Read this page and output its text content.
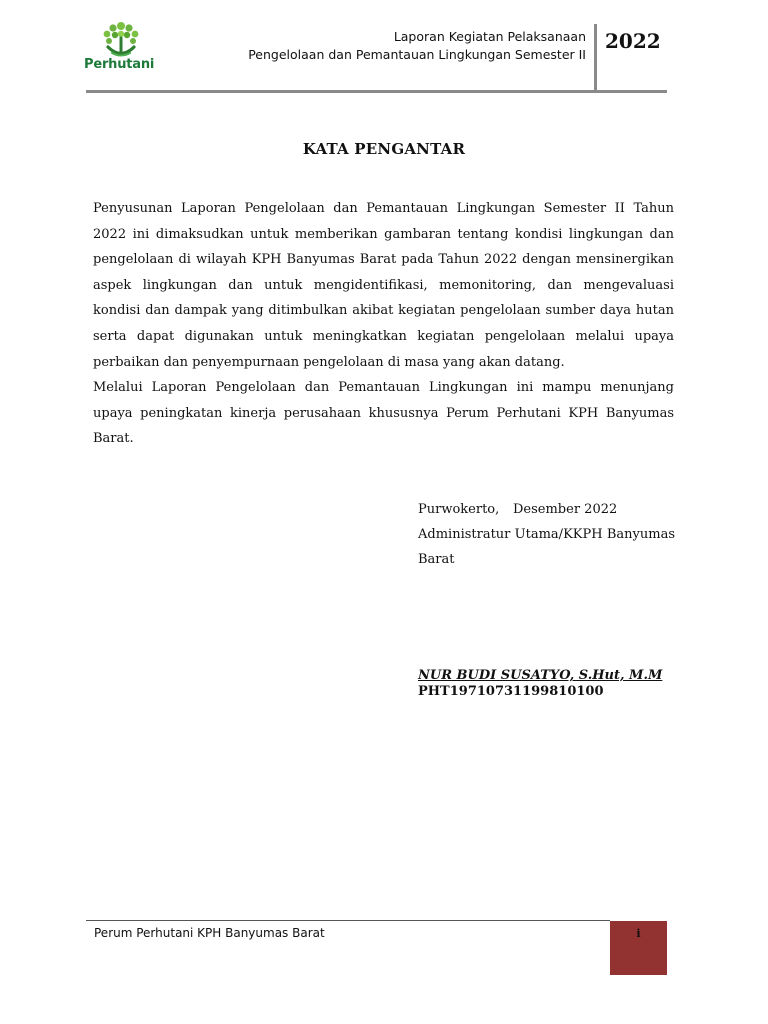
Perhutani
Laporan Kegiatan Pelaksanaan
Pengelolaan dan Pemantauan Lingkungan Semester II
2022
KATA PENGANTAR

Penyusunan Laporan Pengelolaan dan Pemantauan Lingkungan Semester II Tahun 2022 ini dimaksudkan untuk memberikan gambaran tentang kondisi lingkungan dan pengelolaan di wilayah KPH Banyumas Barat pada Tahun 2022 dengan mensinergikan aspek lingkungan dan untuk mengidentifikasi, memonitoring, dan mengevaluasi kondisi dan dampak yang ditimbulkan akibat kegiatan pengelolaan sumber daya hutan serta dapat digunakan untuk meningkatkan kegiatan pengelolaan melalui upaya perbaikan dan penyempurnaan pengelolaan di masa yang akan datang.

Melalui Laporan Pengelolaan dan Pemantauan Lingkungan ini mampu menunjang upaya peningkatan kinerja perusahaan khususnya Perum Perhutani KPH Banyumas Barat.

Purwokerto,	Desember 2022
Administratur Utama/KKPH Banyumas Barat
NUR BUDI SUSATYO, S.Hut, M.M
PHT19710731199810100
Perum Perhutani KPH Banyumas Barat	i
